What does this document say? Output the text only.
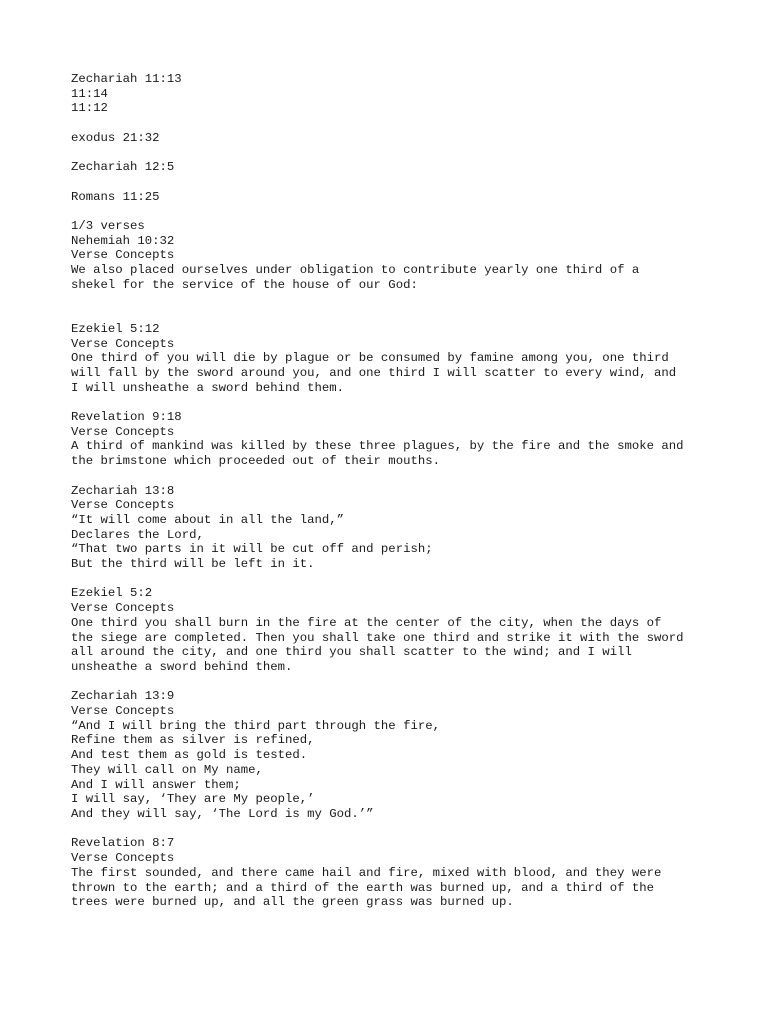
Zechariah 11:13
11:14
11:12
exodus 21:32
Zechariah 12:5
Romans 11:25
1/3 verses
Nehemiah 10:32
Verse Concepts
We also placed ourselves under obligation to contribute yearly one third of a
shekel for the service of the house of our God:
Ezekiel 5:12
Verse Concepts
One third of you will die by plague or be consumed by famine among you, one third
will fall by the sword around you, and one third I will scatter to every wind, and
I will unsheathe a sword behind them.
Revelation 9:18
Verse Concepts
A third of mankind was killed by these three plagues, by the fire and the smoke and
the brimstone which proceeded out of their mouths.
Zechariah 13:8
Verse Concepts
“It will come about in all the land,”
Declares the Lord,
“That two parts in it will be cut off and perish;
But the third will be left in it.
Ezekiel 5:2
Verse Concepts
One third you shall burn in the fire at the center of the city, when the days of
the siege are completed. Then you shall take one third and strike it with the sword
all around the city, and one third you shall scatter to the wind; and I will
unsheathe a sword behind them.
Zechariah 13:9
Verse Concepts
“And I will bring the third part through the fire,
Refine them as silver is refined,
And test them as gold is tested.
They will call on My name,
And I will answer them;
I will say, ‘They are My people,’
And they will say, ‘The Lord is my God.’”
Revelation 8:7
Verse Concepts
The first sounded, and there came hail and fire, mixed with blood, and they were
thrown to the earth; and a third of the earth was burned up, and a third of the
trees were burned up, and all the green grass was burned up.
